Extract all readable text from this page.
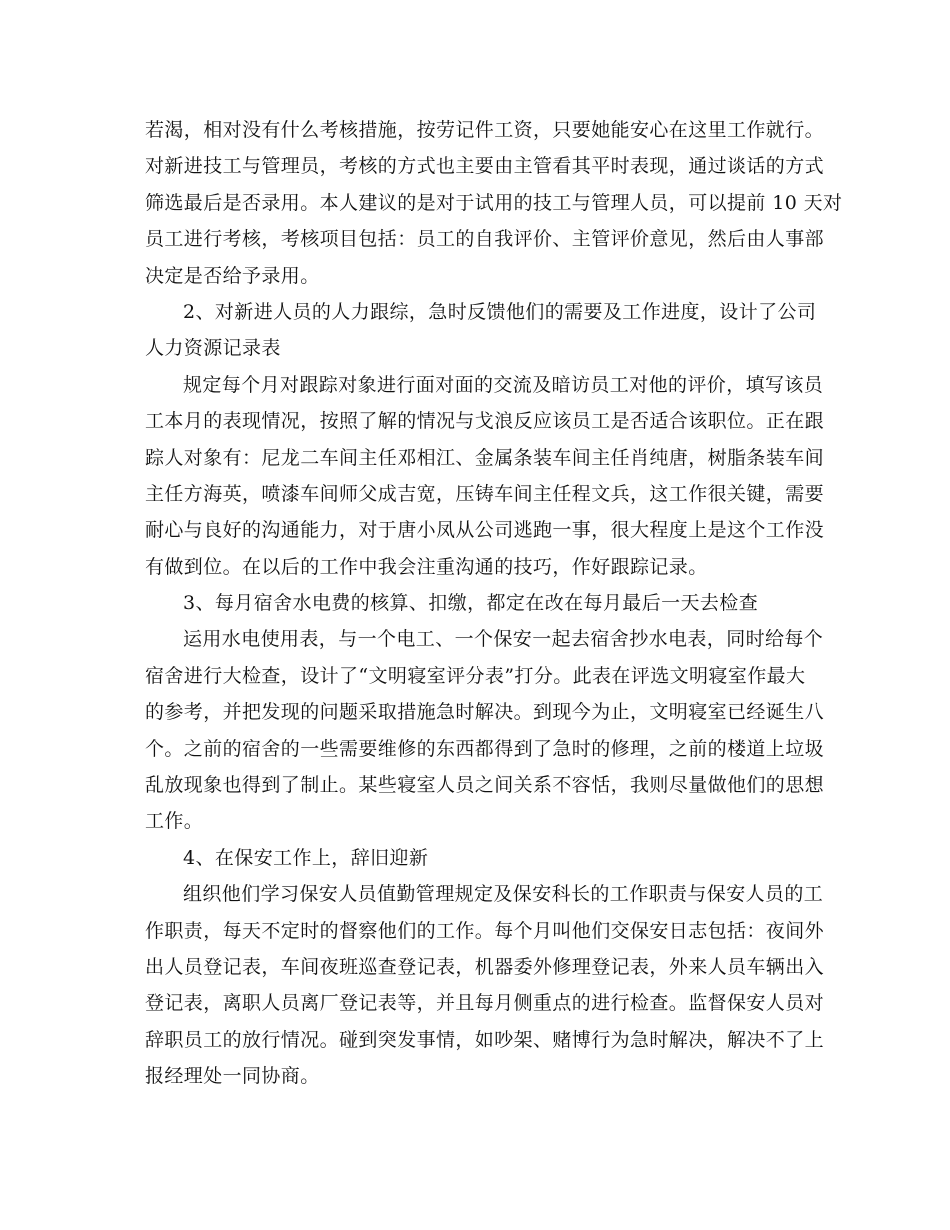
若渴，相对没有什么考核措施，按劳记件工资，只要她能安心在这里工作就行。
对新进技工与管理员，考核的方式也主要由主管看其平时表现，通过谈话的方式
筛选最后是否录用。本人建议的是对于试用的技工与管理人员，可以提前 10 天对
员工进行考核，考核项目包括：员工的自我评价、主管评价意见，然后由人事部
决定是否给予录用。
2、对新进人员的人力跟综，急时反馈他们的需要及工作进度，设计了公司
人力资源记录表
规定每个月对跟踪对象进行面对面的交流及暗访员工对他的评价，填写该员
工本月的表现情况，按照了解的情况与戈浪反应该员工是否适合该职位。正在跟
踪人对象有：尼龙二车间主任邓相江、金属条装车间主任肖纯唐，树脂条装车间
主任方海英，喷漆车间师父成吉宽，压铸车间主任程文兵，这工作很关键，需要
耐心与良好的沟通能力，对于唐小凤从公司逃跑一事，很大程度上是这个工作没
有做到位。在以后的工作中我会注重沟通的技巧，作好跟踪记录。
3、每月宿舍水电费的核算、扣缴，都定在改在每月最后一天去检查
运用水电使用表，与一个电工、一个保安一起去宿舍抄水电表，同时给每个
宿舍进行大检查，设计了“文明寝室评分表”打分。此表在评选文明寝室作最大
的参考，并把发现的问题采取措施急时解决。到现今为止，文明寝室已经诞生八
个。之前的宿舍的一些需要维修的东西都得到了急时的修理，之前的楼道上垃圾
乱放现象也得到了制止。某些寝室人员之间关系不容恬，我则尽量做他们的思想
工作。
4、在保安工作上，辞旧迎新
组织他们学习保安人员值勤管理规定及保安科长的工作职责与保安人员的工
作职责，每天不定时的督察他们的工作。每个月叫他们交保安日志包括：夜间外
出人员登记表，车间夜班巡查登记表，机器委外修理登记表，外来人员车辆出入
登记表，离职人员离厂登记表等，并且每月侧重点的进行检查。监督保安人员对
辞职员工的放行情况。碰到突发事情，如吵架、赌博行为急时解决，解决不了上
报经理处一同协商。
